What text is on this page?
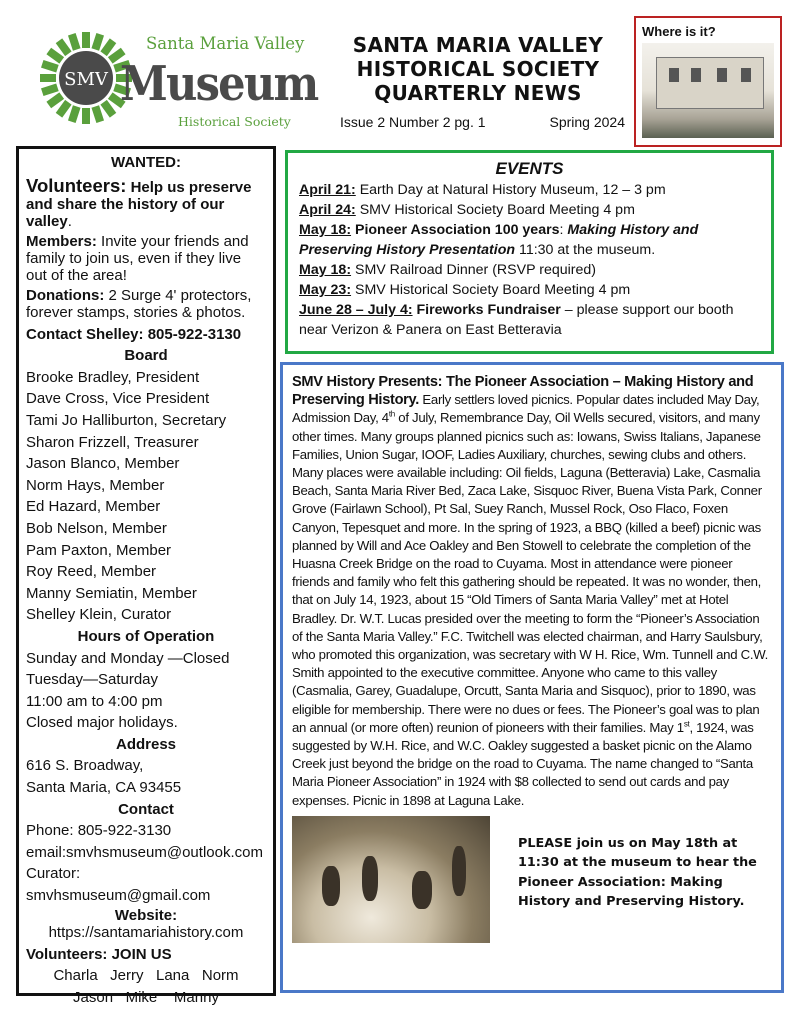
SMV
Santa Maria Valley
Museum
Historical Society
SANTA MARIA VALLEY
HISTORICAL SOCIETY
QUARTERLY NEWS
Issue 2 Number 2 pg. 1	Spring 2024
Where is it?

WANTED:

Volunteers: Help us preserve and share the history of our valley.

Members: Invite your friends and family to join us, even if they live out of the area!

Donations: 2 Surge 4' protectors, forever stamps, stories & photos.

Contact Shelley: 805-922-3130
Board
Brooke Bradley, President
Dave Cross, Vice President
Tami Jo Halliburton, Secretary
Sharon Frizzell, Treasurer
Jason Blanco, Member
Norm Hays, Member
Ed Hazard, Member
Bob Nelson, Member
Pam Paxton, Member
Roy Reed, Member
Manny Semiatin, Member
Shelley Klein, Curator
Hours of Operation
Sunday and Monday —Closed
Tuesday—Saturday
11:00 am to 4:00 pm
Closed major holidays.
Address
616 S. Broadway,
Santa Maria, CA 93455
Contact
Phone: 805-922-3130
email:smvhsmuseum@outlook.com
Curator: smvhsmuseum@gmail.com
Website:
https://santamariahistory.com
Volunteers: JOIN US
Charla   Jerry   Lana   Norm
Jason   Mike    Manny
EVENTS
April 21: Earth Day at Natural History Museum, 12 – 3 pm
April 24: SMV Historical Society Board Meeting 4 pm
May 18: Pioneer Association 100 years: Making History and Preserving History Presentation 11:30 at the museum.
May 18: SMV Railroad Dinner (RSVP required)
May 23: SMV Historical Society Board Meeting 4 pm
June 28 – July 4: Fireworks Fundraiser – please support our booth near Verizon & Panera on East Betteravia
SMV History Presents: The Pioneer Association – Making History and Preserving History. Early settlers loved picnics. Popular dates included May Day, Admission Day, 4th of July, Remembrance Day, Oil Wells secured, visitors, and many other times. Many groups planned picnics such as: Iowans, Swiss Italians, Japanese Families, Union Sugar, IOOF, Ladies Auxiliary, churches, sewing clubs and others. Many places were available including: Oil fields, Laguna (Betteravia) Lake, Casmalia Beach, Santa Maria River Bed, Zaca Lake, Sisquoc River, Buena Vista Park, Conner Grove (Fairlawn School), Pt Sal, Suey Ranch, Mussel Rock, Oso Flaco, Foxen Canyon, Tepesquet and more. In the spring of 1923, a BBQ (killed a beef) picnic was planned by Will and Ace Oakley and Ben Stowell to celebrate the completion of the Huasna Creek Bridge on the road to Cuyama. Most in attendance were pioneer friends and family who felt this gathering should be repeated. It was no wonder, then, that on July 14, 1923, about 15 “Old Timers of Santa Maria Valley” met at Hotel Bradley. Dr. W.T. Lucas presided over the meeting to form the “Pioneer’s Association of the Santa Maria Valley.” F.C. Twitchell was elected chairman, and Harry Saulsbury, who promoted this organization, was secretary with W H. Rice, Wm. Tunnell and C.W. Smith appointed to the executive committee. Anyone who came to this valley (Casmalia, Garey, Guadalupe, Orcutt, Santa Maria and Sisquoc), prior to 1890, was eligible for membership. There were no dues or fees. The Pioneer’s goal was to plan an annual (or more often) reunion of pioneers with their families. May 1st, 1924, was suggested by W.H. Rice, and W.C. Oakley suggested a basket picnic on the Alamo Creek just beyond the bridge on the road to Cuyama. The name changed to “Santa Maria Pioneer Association” in 1924 with $8 collected to send out cards and pay expenses. Picnic in 1898 at Laguna Lake.
PLEASE join us on May 18th at 11:30 at the museum to hear the Pioneer Association: Making History and Preserving History.
